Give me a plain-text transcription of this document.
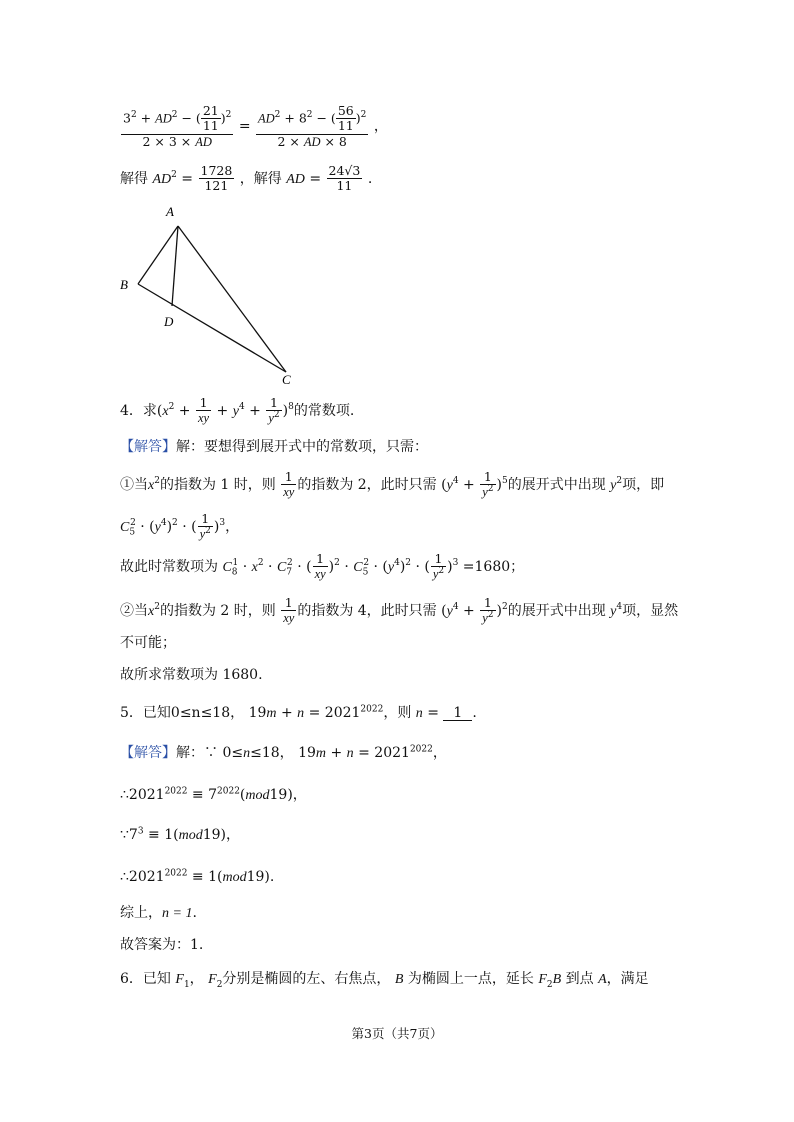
$\frac{3^2 + AD^2 - ( \frac{21}{11} )^2}{2 \times 3 \times AD} = \frac{AD^2 + 8^2 - ( \frac{56}{11} )^2}{2 \times AD \times 8}$ ，
解得 $AD^2 = \frac{1728}{121}$ ，解得 AD = $\frac{24√3}{11}$ .
A
B
D
C
4．求$(x^2 + \frac{1}{xy} + y^4 + \frac{1}{y^2} )^8$的常数项.
【解答】解：要想得到展开式中的常数项，只需：
①当$x^2$的指数为 1 时，则 $\frac{1}{xy}$ 的指数为 2，此时只需 $(y^4 + \frac{1}{y^2} )^5$的展开式中出现 $y^2$项，即
$C_5^2 \cdot (y^4)^2$ · ( $\frac{1}{y^2} )^3$，
故此时常数项为 $C_8^1 \cdot x^2 \cdot C_7^2$ · ( $\frac{1}{xy} )^2 \cdot C_5^2 \cdot (y^4)^2$ · ( $\frac{1}{y^2} )^3 =1680$；
②当$x^2$的指数为 2 时，则 $\frac{1}{xy}$ 的指数为 4，此时只需 $(y^4 + \frac{1}{y^2} )^2$的展开式中出现 $y^4$项，显然
不可能；
故所求常数项为 1680.
5．已知0≤n≤18， $19m + n = 2021^{2022}$，则 n = 1 .
【解答】解：∵ 0≤n≤18， $19m + n = 2021^{2022}$，
$\therefore 2021^{2022} \equiv 7^{2022}(mod19)$，
$\because 7^3 \equiv 1(mod19)$，
$\therefore 2021^{2022} \equiv 1(mod19)$.
综上，n = 1.
故答案为：1.
6．已知 $F_1$， $F_2$分别是椭圆的左、右焦点， B 为椭圆上一点，延长 $F_2B$ 到点 A，满足
第3页（共7页）
